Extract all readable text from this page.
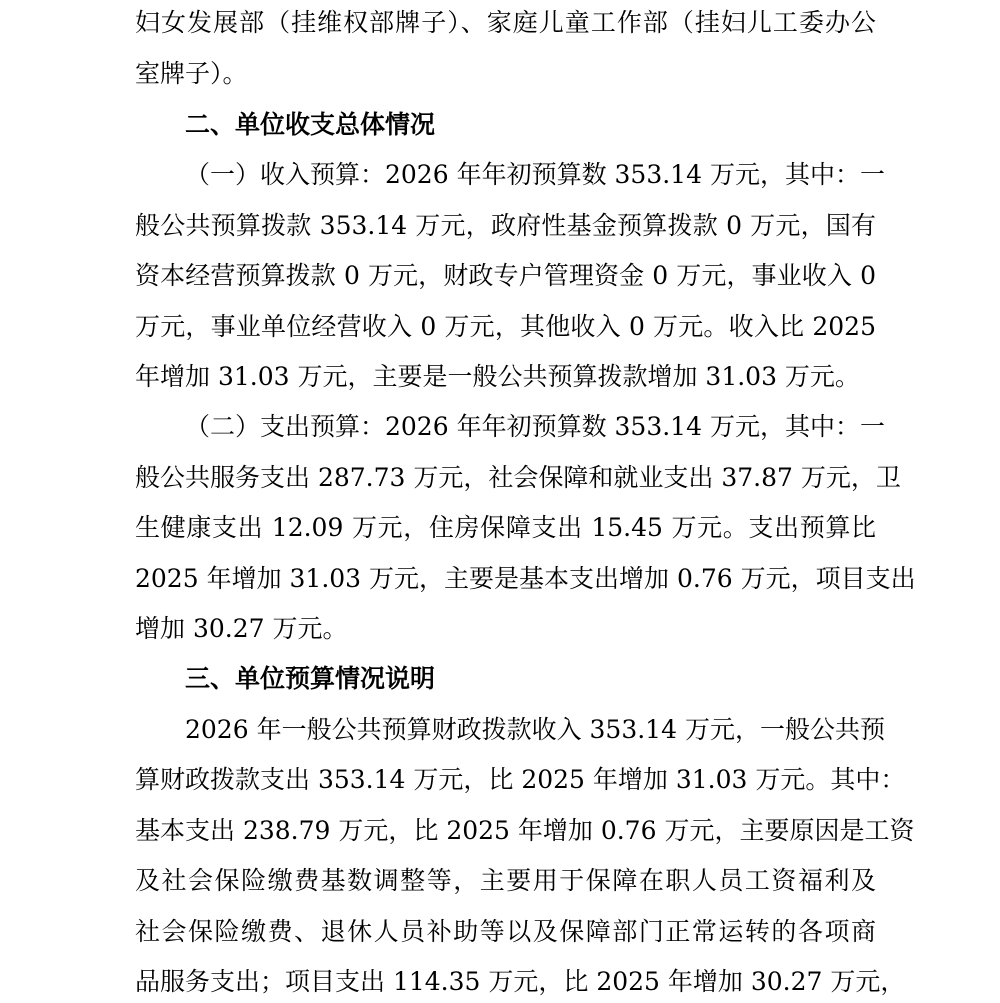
妇女发展部（挂维权部牌子）、家庭儿童工作部（挂妇儿工委办公
室牌子）。
二、单位收支总体情况
（一）收入预算：2026 年年初预算数 353.14 万元，其中：一
般公共预算拨款 353.14 万元，政府性基金预算拨款 0 万元，国有
资本经营预算拨款 0 万元，财政专户管理资金 0 万元，事业收入 0
万元，事业单位经营收入 0 万元，其他收入 0 万元。收入比 2025
年增加 31.03 万元，主要是一般公共预算拨款增加 31.03 万元。
（二）支出预算：2026 年年初预算数 353.14 万元，其中：一
般公共服务支出 287.73 万元，社会保障和就业支出 37.87 万元，卫
生健康支出 12.09 万元，住房保障支出 15.45 万元。支出预算比
2025 年增加 31.03 万元，主要是基本支出增加 0.76 万元，项目支出
增加 30.27 万元。
三、单位预算情况说明
2026 年一般公共预算财政拨款收入 353.14 万元，一般公共预
算财政拨款支出 353.14 万元，比 2025 年增加 31.03 万元。其中：
基本支出 238.79 万元，比 2025 年增加 0.76 万元，主要原因是工资
及社会保险缴费基数调整等，主要用于保障在职人员工资福利及
社会保险缴费、退休人员补助等以及保障部门正常运转的各项商
品服务支出；项目支出 114.35 万元，比 2025 年增加 30.27 万元，
